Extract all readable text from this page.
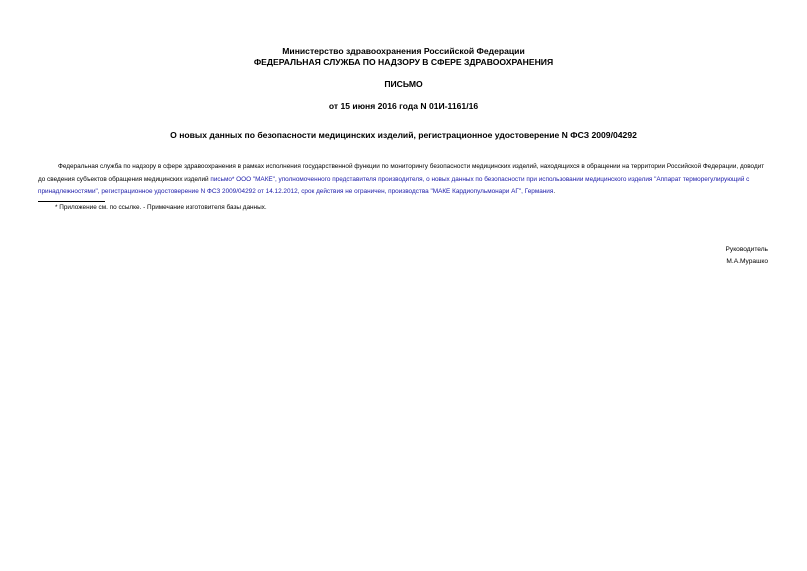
Министерство здравоохранения Российской Федерации
ФЕДЕРАЛЬНАЯ СЛУЖБА ПО НАДЗОРУ В СФЕРЕ ЗДРАВООХРАНЕНИЯ
ПИСЬМО
от 15 июня 2016 года N 01И-1161/16
О новых данных по безопасности медицинских изделий, регистрационное удостоверение N ФСЗ 2009/04292
Федеральная служба по надзору в сфере здравоохранения в рамках исполнения государственной функции по мониторингу безопасности медицинских изделий, находящихся в обращении на территории Российской Федерации, доводит до сведения субъектов обращения медицинских изделий письмо* ООО "МАКЕ", уполномоченного представителя производителя, о новых данных по безопасности при использовании медицинского изделия "Аппарат терморегулирующий с принадлежностями", регистрационное удостоверение N ФСЗ 2009/04292 от 14.12.2012, срок действия не ограничен, производства "МАКЕ Кардиопульмонари АГ", Германия.
* Приложение см. по ссылке. - Примечание изготовителя базы данных.
Руководитель
М.А.Мурашко
